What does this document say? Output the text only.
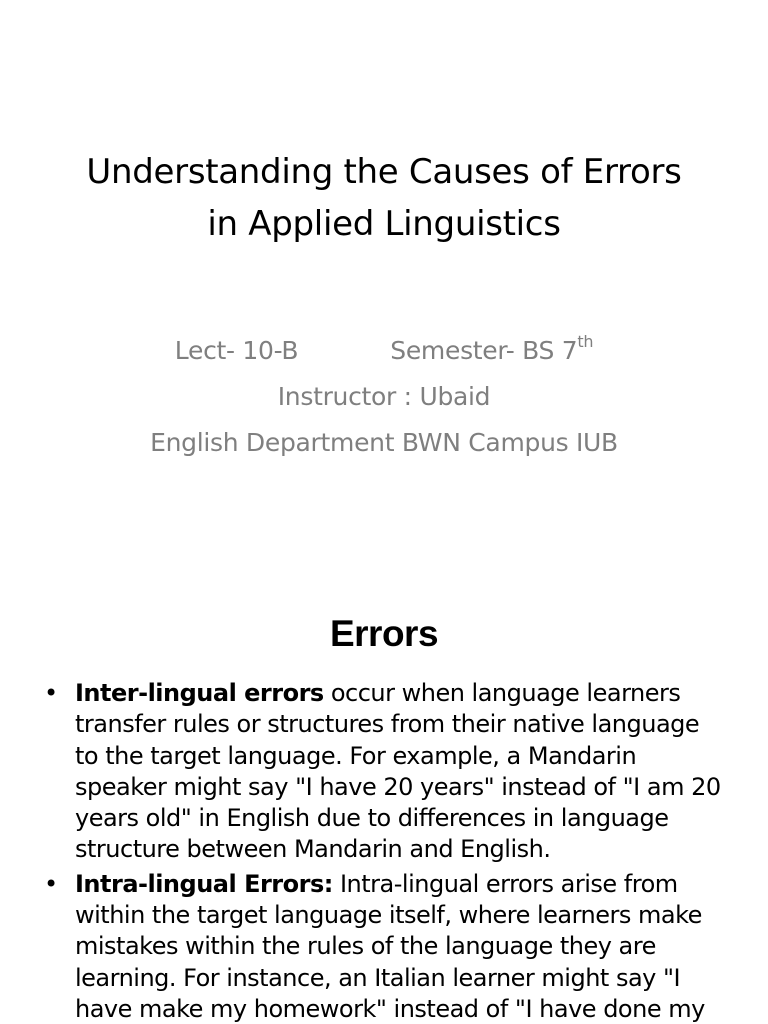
Understanding the Causes of Errors
in Applied Linguistics
Lect- 10-B	Semester- BS 7th
Instructor : Ubaid
English Department BWN Campus IUB
Errors
• Inter-lingual errors occur when language learners transfer rules or structures from their native language to the target language. For example, a Mandarin speaker might say "I have 20 years" instead of "I am 20 years old" in English due to differences in language structure between Mandarin and English.
• Intra-lingual Errors: Intra-lingual errors arise from within the target language itself, where learners make mistakes within the rules of the language they are learning. For instance, an Italian learner might say "I have make my homework" instead of "I have done my
